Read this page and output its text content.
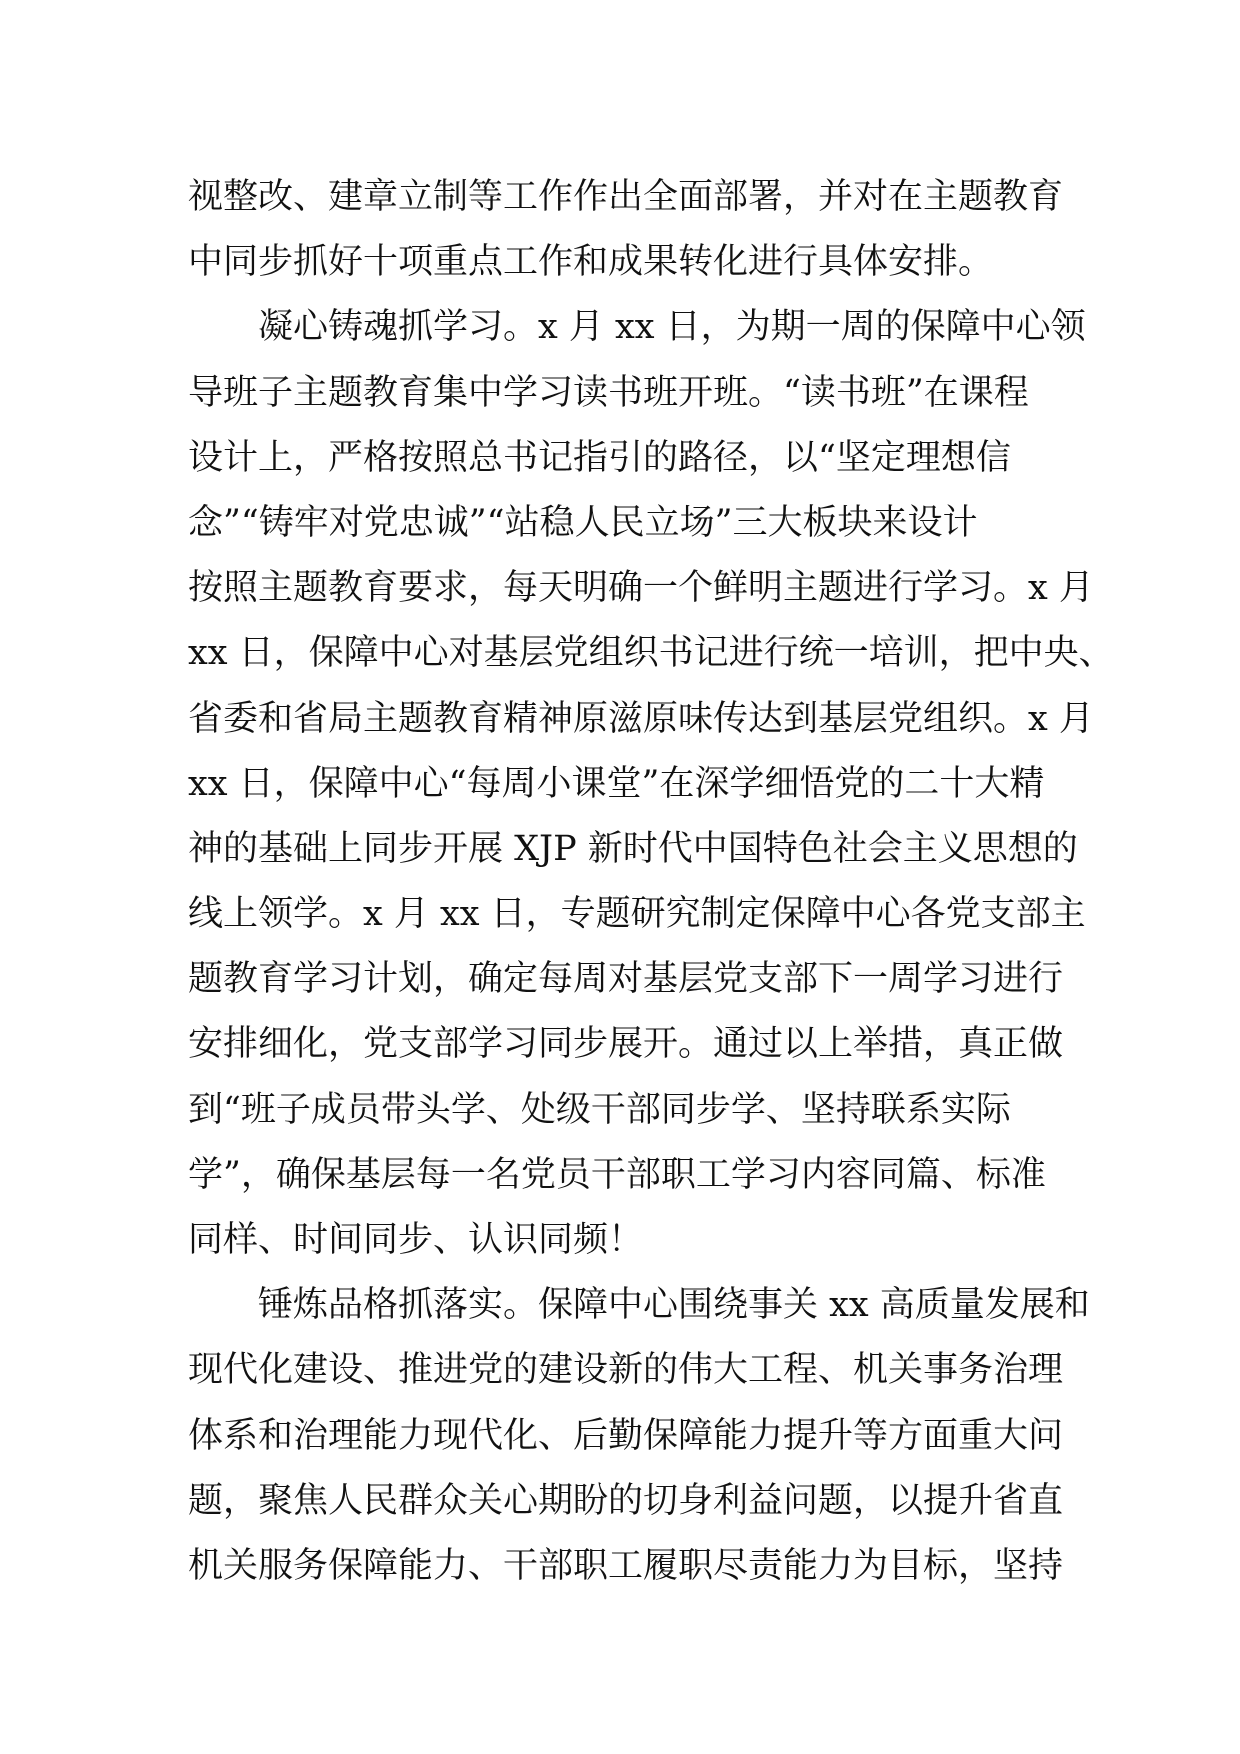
视整改、建章立制等工作作出全面部署，并对在主题教育
中同步抓好十项重点工作和成果转化进行具体安排。
凝心铸魂抓学习。x 月 xx 日，为期一周的保障中心领
导班子主题教育集中学习读书班开班。“读书班”在课程
设计上，严格按照总书记指引的路径，以“坚定理想信
念”“铸牢对党忠诚”“站稳人民立场”三大板块来设计
按照主题教育要求，每天明确一个鲜明主题进行学习。x 月
xx 日，保障中心对基层党组织书记进行统一培训，把中央、
省委和省局主题教育精神原滋原味传达到基层党组织。x 月
xx 日，保障中心“每周小课堂”在深学细悟党的二十大精
神的基础上同步开展 XJP 新时代中国特色社会主义思想的
线上领学。x 月 xx 日，专题研究制定保障中心各党支部主
题教育学习计划，确定每周对基层党支部下一周学习进行
安排细化，党支部学习同步展开。通过以上举措，真正做
到“班子成员带头学、处级干部同步学、坚持联系实际
学”，确保基层每一名党员干部职工学习内容同篇、标准
同样、时间同步、认识同频！
锤炼品格抓落实。保障中心围绕事关 xx 高质量发展和
现代化建设、推进党的建设新的伟大工程、机关事务治理
体系和治理能力现代化、后勤保障能力提升等方面重大问
题，聚焦人民群众关心期盼的切身利益问题，以提升省直
机关服务保障能力、干部职工履职尽责能力为目标，坚持
